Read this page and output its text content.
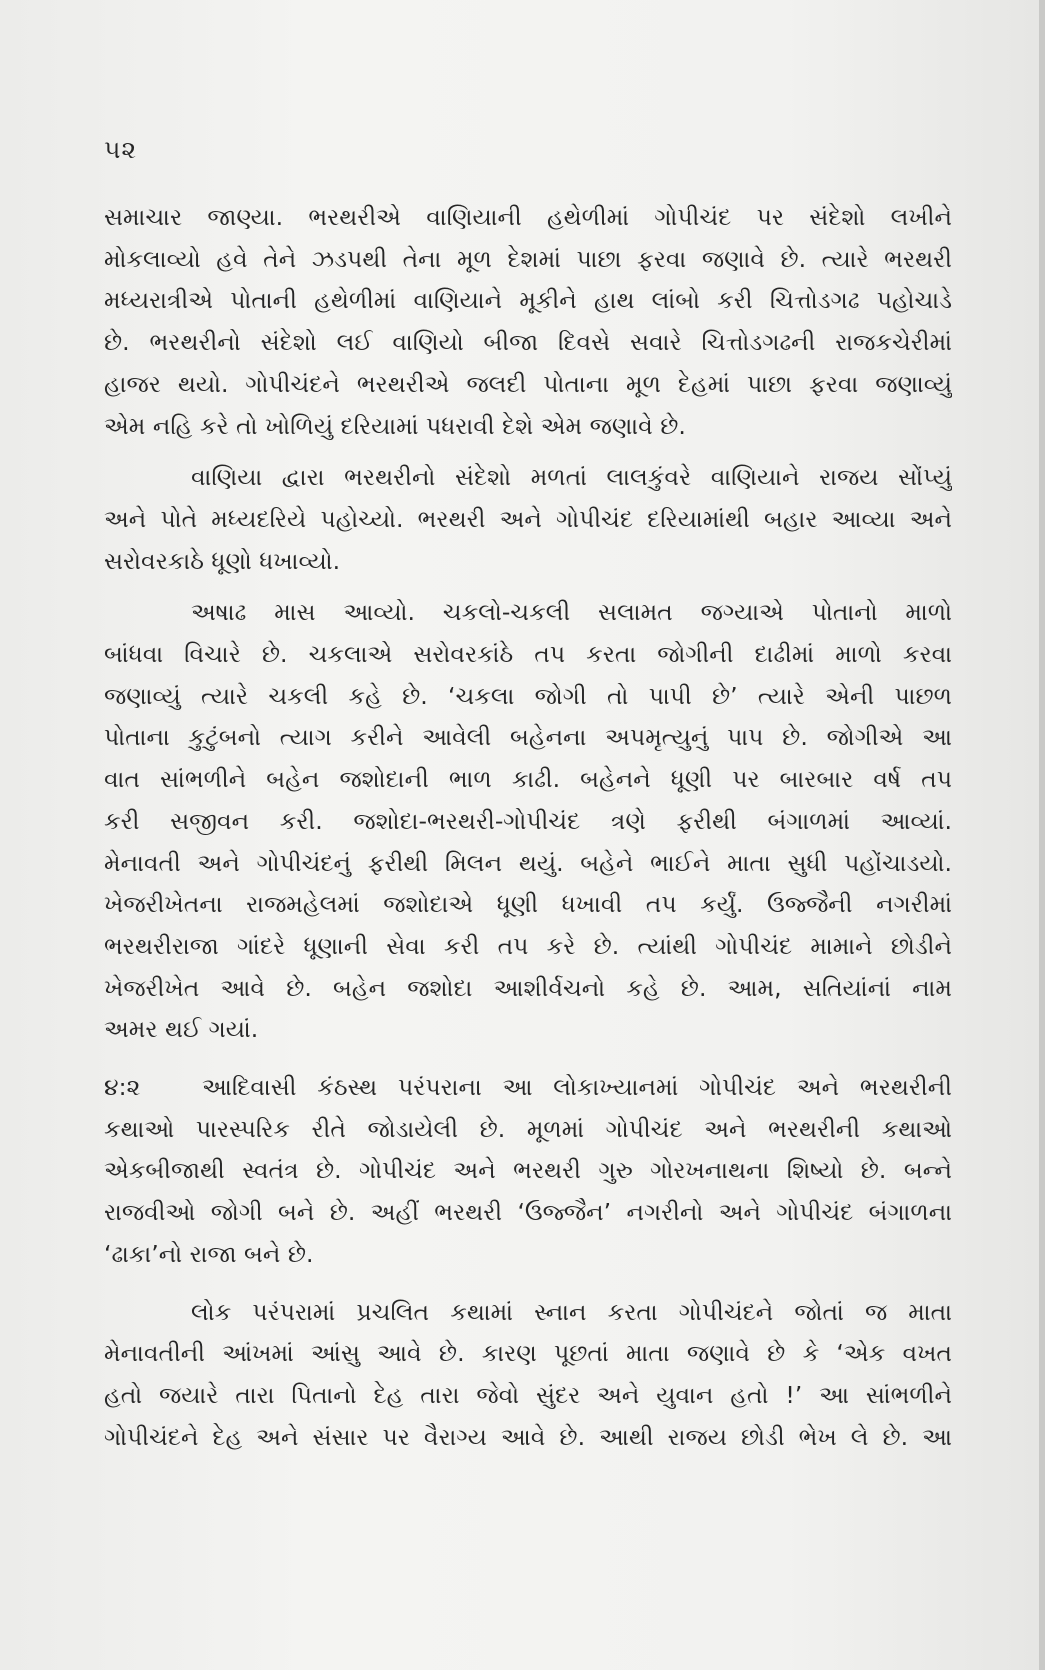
૫૨
સમાચાર જાણ્યા. ભરથરીએ વાણિયાની હથેળીમાં ગોપીચંદ પર સંદેશો લખીને
મોકલાવ્યો હવે તેને ઝડપથી તેના મૂળ દેશમાં પાછા ફરવા જણાવે છે. ત્યારે ભરથરી
મધ્યરાત્રીએ પોતાની હથેળીમાં વાણિયાને મૂકીને હાથ લાંબો કરી ચિત્તોડગઢ પહોચાડે
છે. ભરથરીનો સંદેશો લઈ વાણિયો બીજા દિવસે સવારે ચિત્તોડગઢની રાજકચેરીમાં
હાજર થયો. ગોપીચંદને ભરથરીએ જલદી પોતાના મૂળ દેહમાં પાછા ફરવા જણાવ્યું
એમ નહિ કરે તો ખોળિયું દરિયામાં પધરાવી દેશે એમ જણાવે છે.
વાણિયા દ્વારા ભરથરીનો સંદેશો મળતાં લાલકુંવરે વાણિયાને રાજય સોંપ્યું
અને પોતે મધ્યદરિયે પહોચ્યો. ભરથરી અને ગોપીચંદ દરિયામાંથી બહાર આવ્યા અને
સરોવરકાઠે ધૂણો ધખાવ્યો.
અષાઢ માસ આવ્યો. ચકલો-ચકલી સલામત જગ્યાએ પોતાનો માળો
બાંધવા વિચારે છે. ચકલાએ સરોવરકાંઠે તપ કરતા જોગીની દાઢીમાં માળો કરવા
જણાવ્યું ત્યારે ચકલી કહે છે. ‘ચકલા જોગી તો પાપી છે’ ત્યારે એની પાછળ
પોતાના કુટુંબનો ત્યાગ કરીને આવેલી બહેનના અપમૃત્યુનું પાપ છે. જોગીએ આ
વાત સાંભળીને બહેન જશોદાની ભાળ કાઢી. બહેનને ધૂણી પર બારબાર વર્ષ તપ
કરી સજીવન કરી. જશોદા-ભરથરી-ગોપીચંદ ત્રણે ફરીથી બંગાળમાં આવ્યાં.
મેનાવતી અને ગોપીચંદનું ફરીથી મિલન થયું. બહેને ભાઈને માતા સુધી પહોંચાડયો.
ખેજરીખેતના રાજમહેલમાં જશોદાએ ધૂણી ધખાવી તપ કર્યું. ઉજ્જૈની નગરીમાં
ભરથરીરાજા ગાંદરે ધૂણાની સેવા કરી તપ કરે છે. ત્યાંથી ગોપીચંદ મામાને છોડીને
ખેજરીખેત આવે છે. બહેન જશોદા આશીર્વચનો કહે છે. આમ, સતિયાંનાં નામ
અમર થઈ ગયાં.
૪:૨	આદિવાસી કંઠસ્થ પરંપરાના આ લોકાખ્યાનમાં ગોપીચંદ અને ભરથરીની
કથાઓ પારસ્પરિક રીતે જોડાયેલી છે. મૂળમાં ગોપીચંદ અને ભરથરીની કથાઓ
એકબીજાથી સ્વતંત્ર છે. ગોપીચંદ અને ભરથરી ગુરુ ગોરખનાથના શિષ્યો છે. બન્ને
રાજવીઓ જોગી બને છે. અહીં ભરથરી ‘ઉજ્જૈન’ નગરીનો અને ગોપીચંદ બંગાળના
‘ઢાકા’નો રાજા બને છે.
લોક પરંપરામાં પ્રચલિત કથામાં સ્નાન કરતા ગોપીચંદને જોતાં જ માતા
મેનાવતીની આંખમાં આંસુ આવે છે. કારણ પૂછતાં માતા જણાવે છે કે ‘એક વખત
હતો જયારે તારા પિતાનો દેહ તારા જેવો સુંદર અને યુવાન હતો !’ આ સાંભળીને
ગોપીચંદને દેહ અને સંસાર પર વૈરાગ્ય આવે છે. આથી રાજય છોડી ભેખ લે છે. આ
